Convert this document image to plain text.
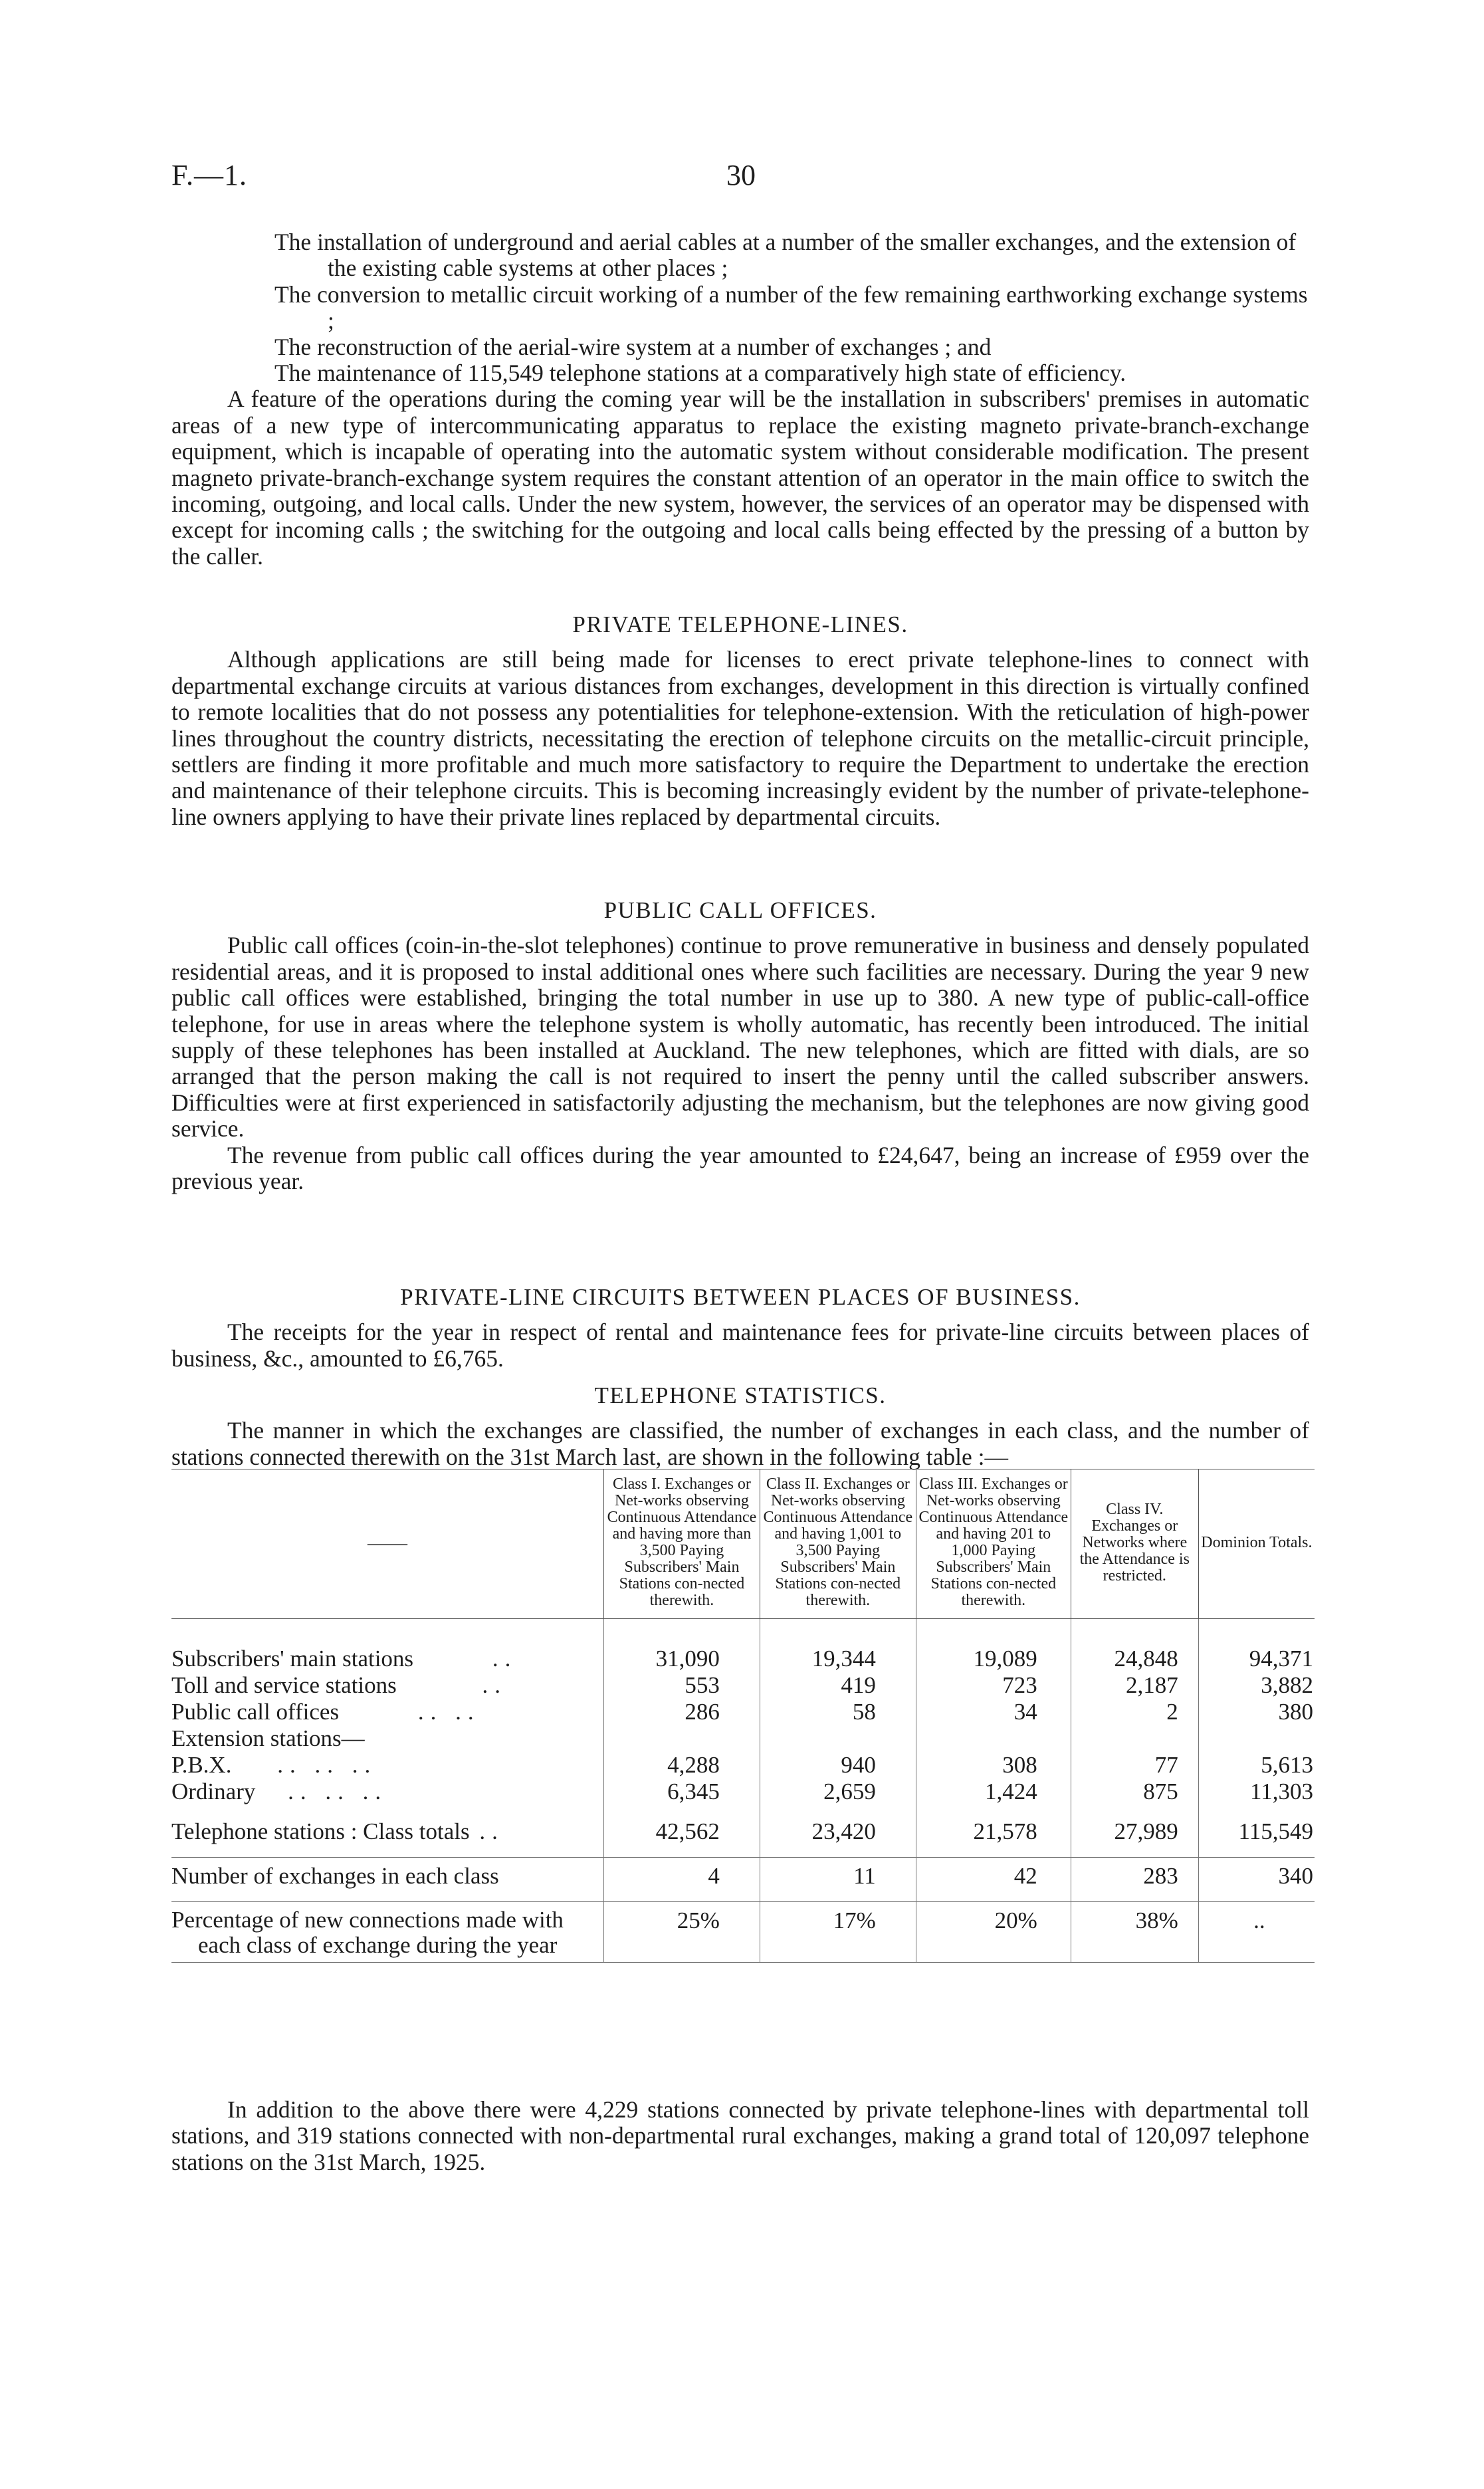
F.—1.	30
The installation of underground and aerial cables at a number of the smaller exchanges, and the extension of the existing cable systems at other places ;
The conversion to metallic circuit working of a number of the few remaining earthworking exchange systems ;
The reconstruction of the aerial-wire system at a number of exchanges ; and
The maintenance of 115,549 telephone stations at a comparatively high state of efficiency.

A feature of the operations during the coming year will be the installation in subscribers' premises in automatic areas of a new type of intercommunicating apparatus to replace the existing magneto private-branch-exchange equipment, which is incapable of operating into the automatic system without considerable modification. The present magneto private-branch-exchange system requires the constant attention of an operator in the main office to switch the incoming, outgoing, and local calls. Under the new system, however, the services of an operator may be dispensed with except for incoming calls ; the switching for the outgoing and local calls being effected by the pressing of a button by the caller.

PRIVATE TELEPHONE-LINES.

Although applications are still being made for licenses to erect private telephone-lines to connect with departmental exchange circuits at various distances from exchanges, development in this direction is virtually confined to remote localities that do not possess any potentialities for telephone-extension. With the reticulation of high-power lines throughout the country districts, necessitating the erection of telephone circuits on the metallic-circuit principle, settlers are finding it more profitable and much more satisfactory to require the Department to undertake the erection and maintenance of their telephone circuits. This is becoming increasingly evident by the number of private-telephone-line owners applying to have their private lines replaced by departmental circuits.

PUBLIC CALL OFFICES.

Public call offices (coin-in-the-slot telephones) continue to prove remunerative in business and densely populated residential areas, and it is proposed to instal additional ones where such facilities are necessary. During the year 9 new public call offices were established, bringing the total number in use up to 380. A new type of public-call-office telephone, for use in areas where the telephone system is wholly automatic, has recently been introduced. The initial supply of these telephones has been installed at Auckland. The new telephones, which are fitted with dials, are so arranged that the person making the call is not required to insert the penny until the called subscriber answers. Difficulties were at first experienced in satisfactorily adjusting the mechanism, but the telephones are now giving good service.

The revenue from public call offices during the year amounted to £24,647, being an increase of £959 over the previous year.

PRIVATE-LINE CIRCUITS BETWEEN PLACES OF BUSINESS.

The receipts for the year in respect of rental and maintenance fees for private-line circuits between places of business, &c., amounted to £6,765.

TELEPHONE STATISTICS.

The manner in which the exchanges are classified, the number of exchanges in each class, and the number of stations connected therewith on the 31st March last, are shown in the following table :—

——	Class I. Exchanges or Net-works observing Continuous Attendance and having more than 3,500 Paying Subscribers' Main Stations con-nected therewith.	Class II. Exchanges or Net-works observing Continuous Attendance and having 1,001 to 3,500 Paying Subscribers' Main Stations con-nected therewith.	Class III. Exchanges or Net-works observing Continuous Attendance and having 201 to 1,000 Paying Subscribers' Main Stations con-nected therewith.	Class IV. Exchanges or Networks where the Attendance is restricted.	Dominion Totals.

Subscribers' main stations ..	31,090	19,344	19,089	24,848	94,371
Toll and service stations ..	553	419	723	2,187	3,882
Public call offices .. ..	286	58	34	2	380
Extension stations—					
P.B.X. .. .. ..	4,288	940	308	77	5,613
Ordinary .. .. ..	6,345	2,659	1,424	875	11,303

Telephone stations : Class totals ..	42,562	23,420	21,578	27,989	115,549
Number of exchanges in each class	4	11	42	283	340

Percentage of new connections made with each class of exchange during the year	25%	17%	20%	38%	..

In addition to the above there were 4,229 stations connected by private telephone-lines with departmental toll stations, and 319 stations connected with non-departmental rural exchanges, making a grand total of 120,097 telephone stations on the 31st March, 1925.
